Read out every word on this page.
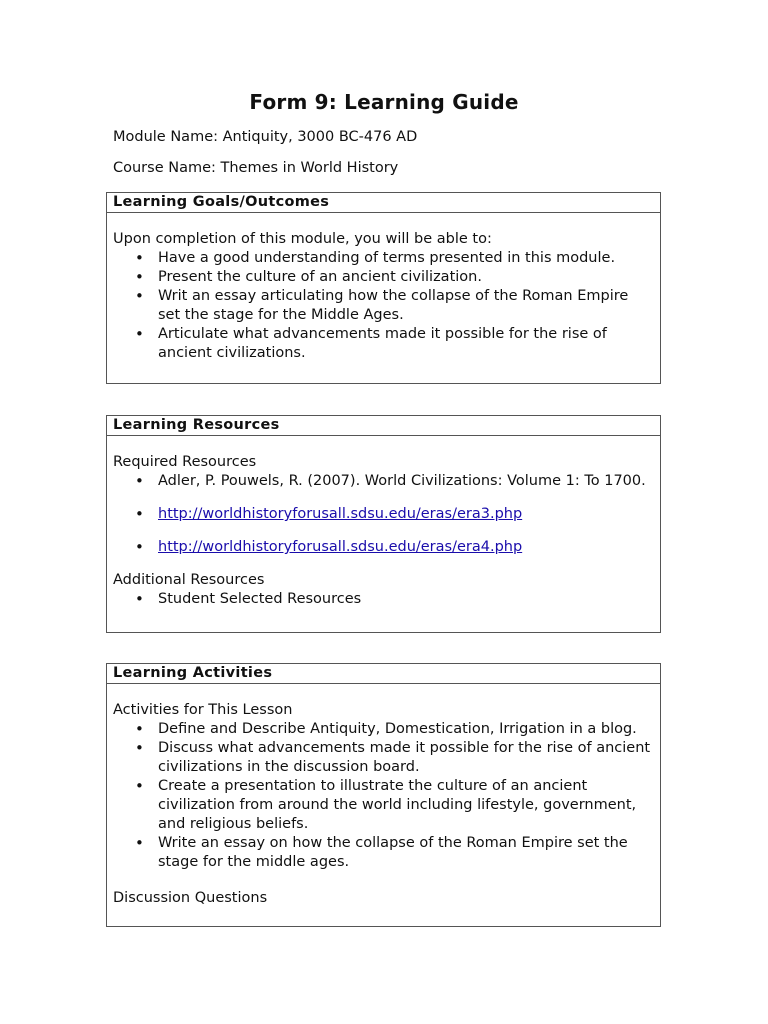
Form 9: Learning Guide
Module Name: Antiquity, 3000 BC-476 AD
Course Name: Themes in World History
Learning Goals/Outcomes
Upon completion of this module, you will be able to:
• Have a good understanding of terms presented in this module.
• Present the culture of an ancient civilization.
• Writ an essay articulating how the collapse of the Roman Empire set the stage for the Middle Ages.
• Articulate what advancements made it possible for the rise of ancient civilizations.
Learning Resources
Required Resources
• Adler, P. Pouwels, R. (2007). World Civilizations: Volume 1: To 1700.
• http://worldhistoryforusall.sdsu.edu/eras/era3.php
• http://worldhistoryforusall.sdsu.edu/eras/era4.php
Additional Resources
• Student Selected Resources
Learning Activities
Activities for This Lesson
• Define and Describe Antiquity, Domestication, Irrigation in a blog.
• Discuss what advancements made it possible for the rise of ancient civilizations in the discussion board.
• Create a presentation to illustrate the culture of an ancient civilization from around the world including lifestyle, government, and religious beliefs.
• Write an essay on how the collapse of the Roman Empire set the stage for the middle ages.
Discussion Questions
